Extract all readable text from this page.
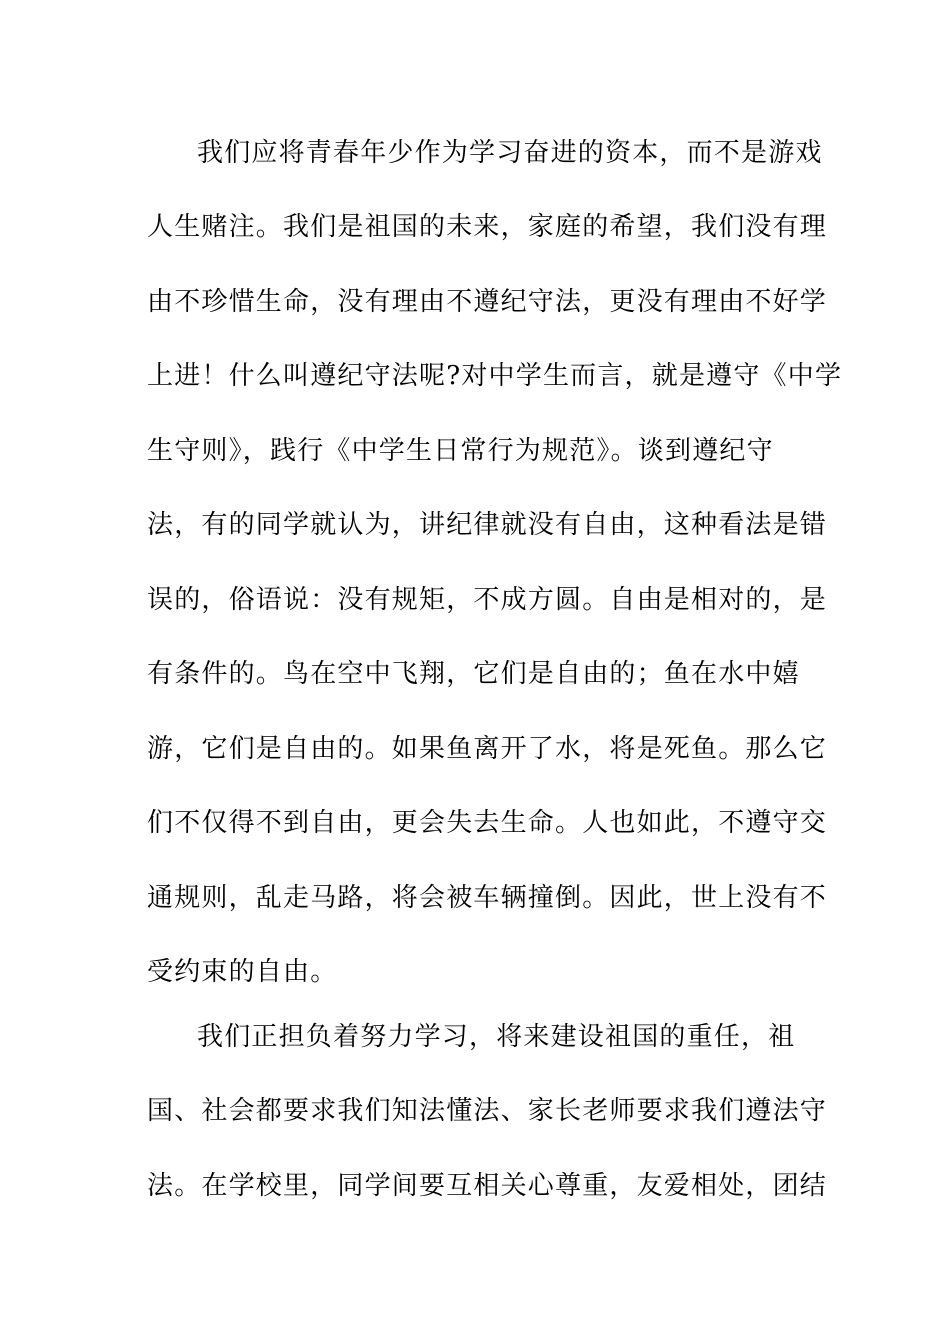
我们应将青春年少作为学习奋进的资本，而不是游戏
人生赌注。我们是祖国的未来，家庭的希望，我们没有理
由不珍惜生命，没有理由不遵纪守法，更没有理由不好学
上进！什么叫遵纪守法呢?对中学生而言，就是遵守《中学
生守则》，践行《中学生日常行为规范》。谈到遵纪守
法，有的同学就认为，讲纪律就没有自由，这种看法是错
误的，俗语说：没有规矩，不成方圆。自由是相对的，是
有条件的。鸟在空中飞翔，它们是自由的；鱼在水中嬉
游，它们是自由的。如果鱼离开了水，将是死鱼。那么它
们不仅得不到自由，更会失去生命。人也如此，不遵守交
通规则，乱走马路，将会被车辆撞倒。因此，世上没有不
受约束的自由。
我们正担负着努力学习，将来建设祖国的重任，祖
国、社会都要求我们知法懂法、家长老师要求我们遵法守
法。在学校里，同学间要互相关心尊重，友爱相处，团结
